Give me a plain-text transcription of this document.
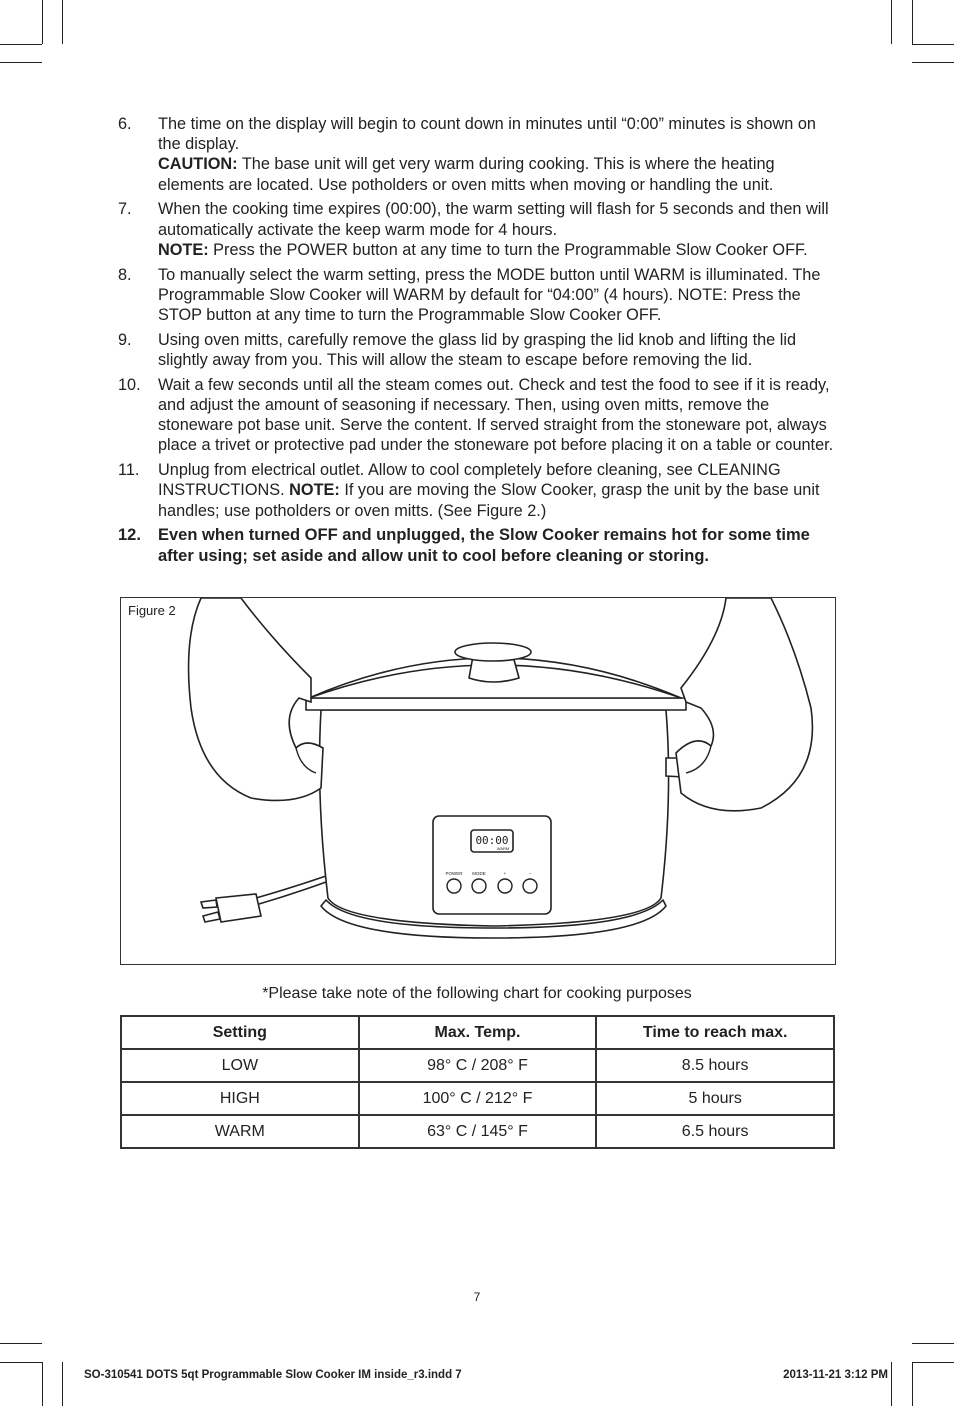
6.	The time on the display will begin to count down in minutes until “0:00” minutes is shown on the display.
CAUTION: The base unit will get very warm during cooking. This is where the heating elements are located. Use potholders or oven mitts when moving or handling the unit.
7.	When the cooking time expires (00:00), the warm setting will flash for 5 seconds and then will automatically activate the keep warm mode for 4 hours.
NOTE: Press the POWER button at any time to turn the Programmable Slow Cooker OFF.
8.	To manually select the warm setting, press the MODE button until WARM is illuminated. The Programmable Slow Cooker will WARM by default for “04:00” (4 hours). NOTE: Press the STOP button at any time to turn the Programmable Slow Cooker OFF.
9.	Using oven mitts, carefully remove the glass lid by grasping the lid knob and lifting the lid slightly away from you. This will allow the steam to escape before removing the lid.
10.	Wait a few seconds until all the steam comes out. Check and test the food to see if it is ready, and adjust the amount of seasoning if necessary. Then, using oven mitts, remove the stoneware pot base unit. Serve the content. If served straight from the stoneware pot, always place a trivet or protective pad under the stoneware pot before placing it on a table or counter.
11.	Unplug from electrical outlet. Allow to cool completely before cleaning, see CLEANING INSTRUCTIONS. NOTE: If you are moving the Slow Cooker, grasp the unit by the base unit handles; use potholders or oven mitts. (See Figure 2.)
12.	Even when turned OFF and unplugged, the Slow Cooker remains hot for some time after using; set aside and allow unit to cool before cleaning or storing.
Figure 2
00:00
WARM
POWER MODE	+	−
*Please take note of the following chart for cooking purposes
Setting	Max. Temp.	Time to reach max.
LOW	98° C / 208° F	8.5 hours
HIGH	100° C / 212° F	5 hours
WARM	63° C / 145° F	6.5 hours
7
SO-310541 DOTS 5qt Programmable Slow Cooker IM inside_r3.indd 7	2013-11-21 3:12 PM
